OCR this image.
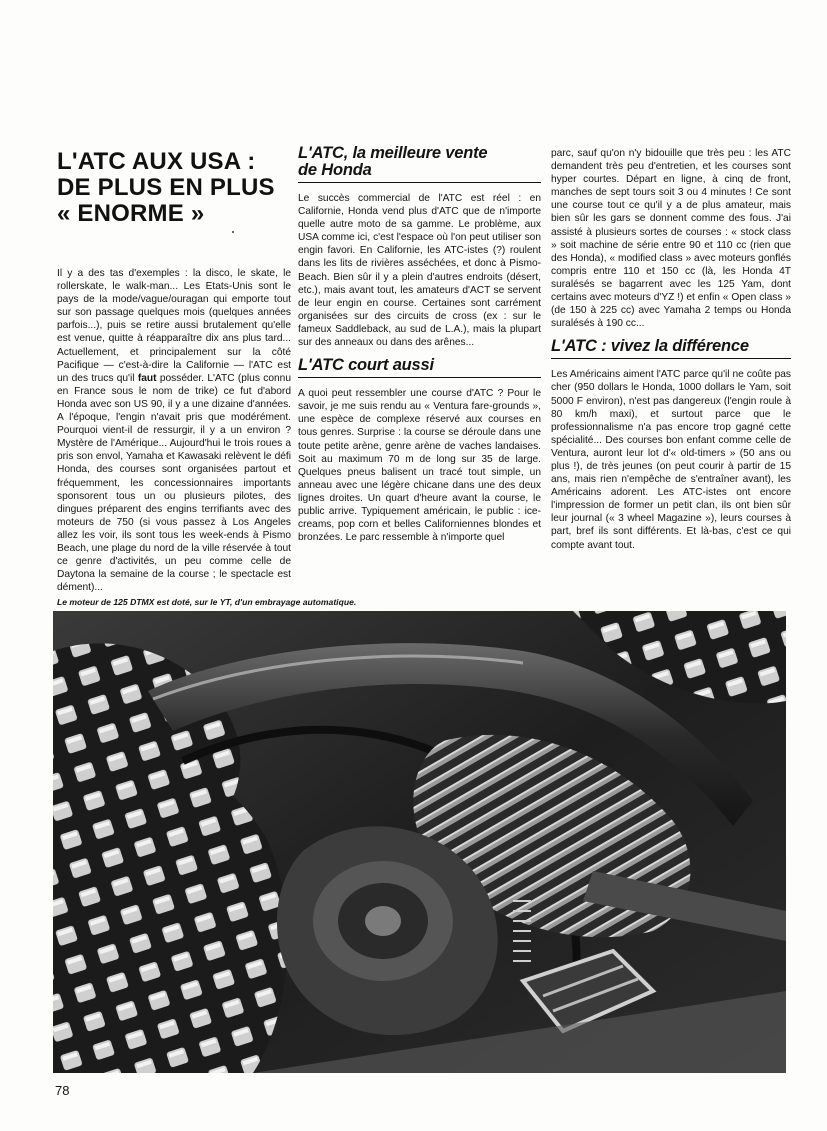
L'ATC AUX USA :
DE PLUS EN PLUS
« ENORME »

Il y a des tas d'exemples : la disco, le skate, le rollerskate, le walk-man... Les Etats-Unis sont le pays de la mode/vague/ouragan qui emporte tout sur son passage quelques mois (quelques années parfois...), puis se retire aussi brutalement qu'elle est venue, quitte à réapparaître dix ans plus tard... Actuellement, et principalement sur la côté Pacifique — c'est-à-dire la Californie — l'ATC est un des trucs qu'il faut posséder. L'ATC (plus connu en France sous le nom de trike) ce fut d'abord Honda avec son US 90, il y a une dizaine d'années. A l'époque, l'engin n'avait pris que modérément. Pourquoi vient-il de ressurgir, il y a un environ ? Mystère de l'Amérique... Aujourd'hui le trois roues a pris son envol, Yamaha et Kawasaki relèvent le défi Honda, des courses sont organisées partout et fréquemment, les concessionnaires importants sponsorent tous un ou plusieurs pilotes, des dingues préparent des engins terrifiants avec des moteurs de 750 (si vous passez à Los Angeles allez les voir, ils sont tous les week-ends à Pismo Beach, une plage du nord de la ville réservée à tout ce genre d'activités, un peu comme celle de Daytona la semaine de la course ; le spectacle est dément)...

L'ATC, la meilleure vente
de Honda

Le succès commercial de l'ATC est réel : en Californie, Honda vend plus d'ATC que de n'importe quelle autre moto de sa gamme. Le problème, aux USA comme ici, c'est l'espace où l'on peut utiliser son engin favori. En Californie, les ATC-istes (?) roulent dans les lits de rivières asséchées, et donc à Pismo-Beach. Bien sûr il y a plein d'autres endroits (désert, etc.), mais avant tout, les amateurs d'ACT se servent de leur engin en course. Certaines sont carrément organisées sur des circuits de cross (ex : sur le fameux Saddleback, au sud de L.A.), mais la plupart sur des anneaux ou dans des arênes...

L'ATC court aussi

A quoi peut ressembler une course d'ATC ? Pour le savoir, je me suis rendu au « Ventura fare-grounds », une espèce de complexe réservé aux courses en tous genres. Surprise : la course se déroule dans une toute petite arène, genre arène de vaches landaises. Soit au maximum 70 m de long sur 35 de large. Quelques pneus balisent un tracé tout simple, un anneau avec une légère chicane dans une des deux lignes droites. Un quart d'heure avant la course, le public arrive. Typiquement américain, le public : ice-creams, pop corn et belles Californiennes blondes et bronzées. Le parc ressemble à n'importe quel

parc, sauf qu'on n'y bidouille que très peu : les ATC demandent très peu d'entretien, et les courses sont hyper courtes. Départ en ligne, à cinq de front, manches de sept tours soit 3 ou 4 minutes ! Ce sont une course tout ce qu'il y a de plus amateur, mais bien sûr les gars se donnent comme des fous. J'ai assisté à plusieurs sortes de courses : « stock class » soit machine de série entre 90 et 110 cc (rien que des Honda), « modified class » avec moteurs gonflés compris entre 110 et 150 cc (là, les Honda 4T suralésés se bagarrent avec les 125 Yam, dont certains avec moteurs d'YZ !) et enfin « Open class » (de 150 à 225 cc) avec Yamaha 2 temps ou Honda suralésés à 190 cc...

L'ATC : vivez la différence

Les Américains aiment l'ATC parce qu'il ne coûte pas cher (950 dollars le Honda, 1000 dollars le Yam, soit 5000 F environ), n'est pas dangereux (l'engin roule à 80 km/h maxi), et surtout parce que le professionnalisme n'a pas encore trop gagné cette spécialité... Des courses bon enfant comme celle de Ventura, auront leur lot d'« old-timers » (50 ans ou plus !), de très jeunes (on peut courir à partir de 15 ans, mais rien n'empêche de s'entraîner avant), les Américains adorent. Les ATC-istes ont encore l'impression de former un petit clan, ils ont bien sûr leur journal (« 3 wheel Magazine »), leurs courses à part, bref ils sont différents. Et là-bas, c'est ce qui compte avant tout.

Le moteur de 125 DTMX est doté, sur le YT, d'un embrayage automatique.
78
